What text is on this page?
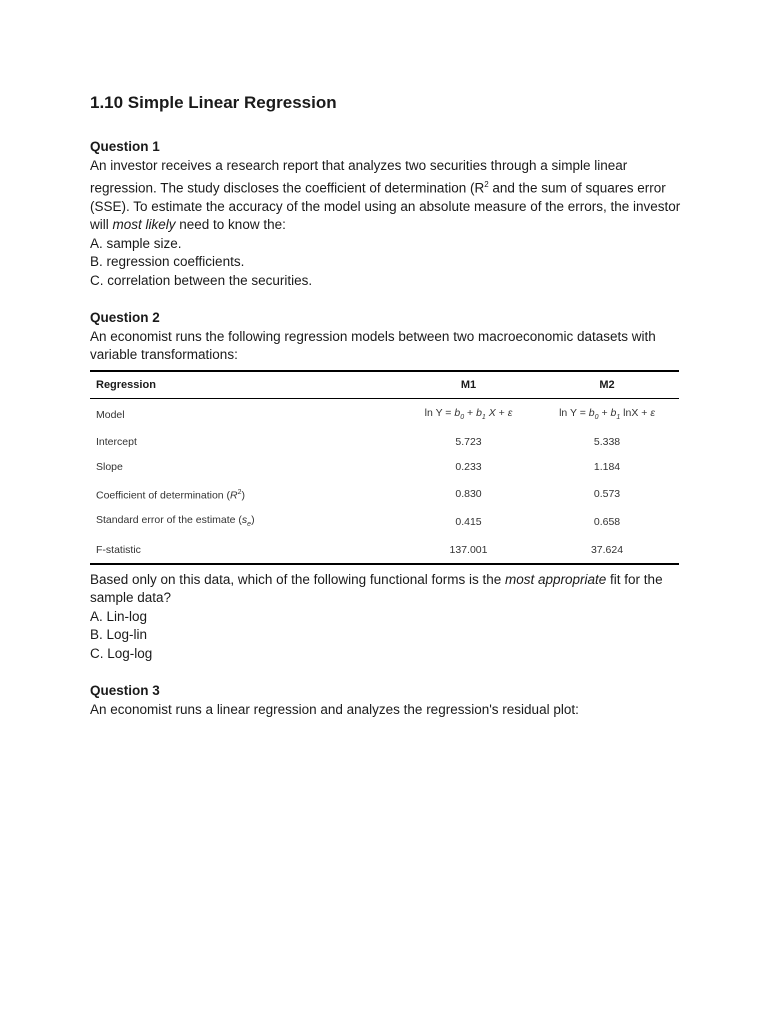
1.10 Simple Linear Regression
Question 1

An investor receives a research report that analyzes two securities through a simple linear regression. The study discloses the coefficient of determination ($R^2$ and the sum of squares error (SSE). To estimate the accuracy of the model using an absolute measure of the errors, the investor will most likely need to know the:

A. sample size.

B. regression coefficients.

C. correlation between the securities.

Question 2

An economist runs the following regression models between two macroeconomic datasets with variable transformations:

Regression	M1	M2
Model	$\ln Y = b_0 + b_1$ X + ε	$\ln Y = b_0 + b_1$ lnX + ε
Intercept	5.723	5.338
Slope	0.233	1.184
Coefficient of determination $(R^2)$	0.830	0.573
Standard error of the estimate $(s_e)$	0.415	0.658
F-statistic	137.001	37.624

Based only on this data, which of the following functional forms is the most appropriate fit for the sample data?

A. Lin-log

B. Log-lin

C. Log-log

Question 3

An economist runs a linear regression and analyzes the regression's residual plot:
